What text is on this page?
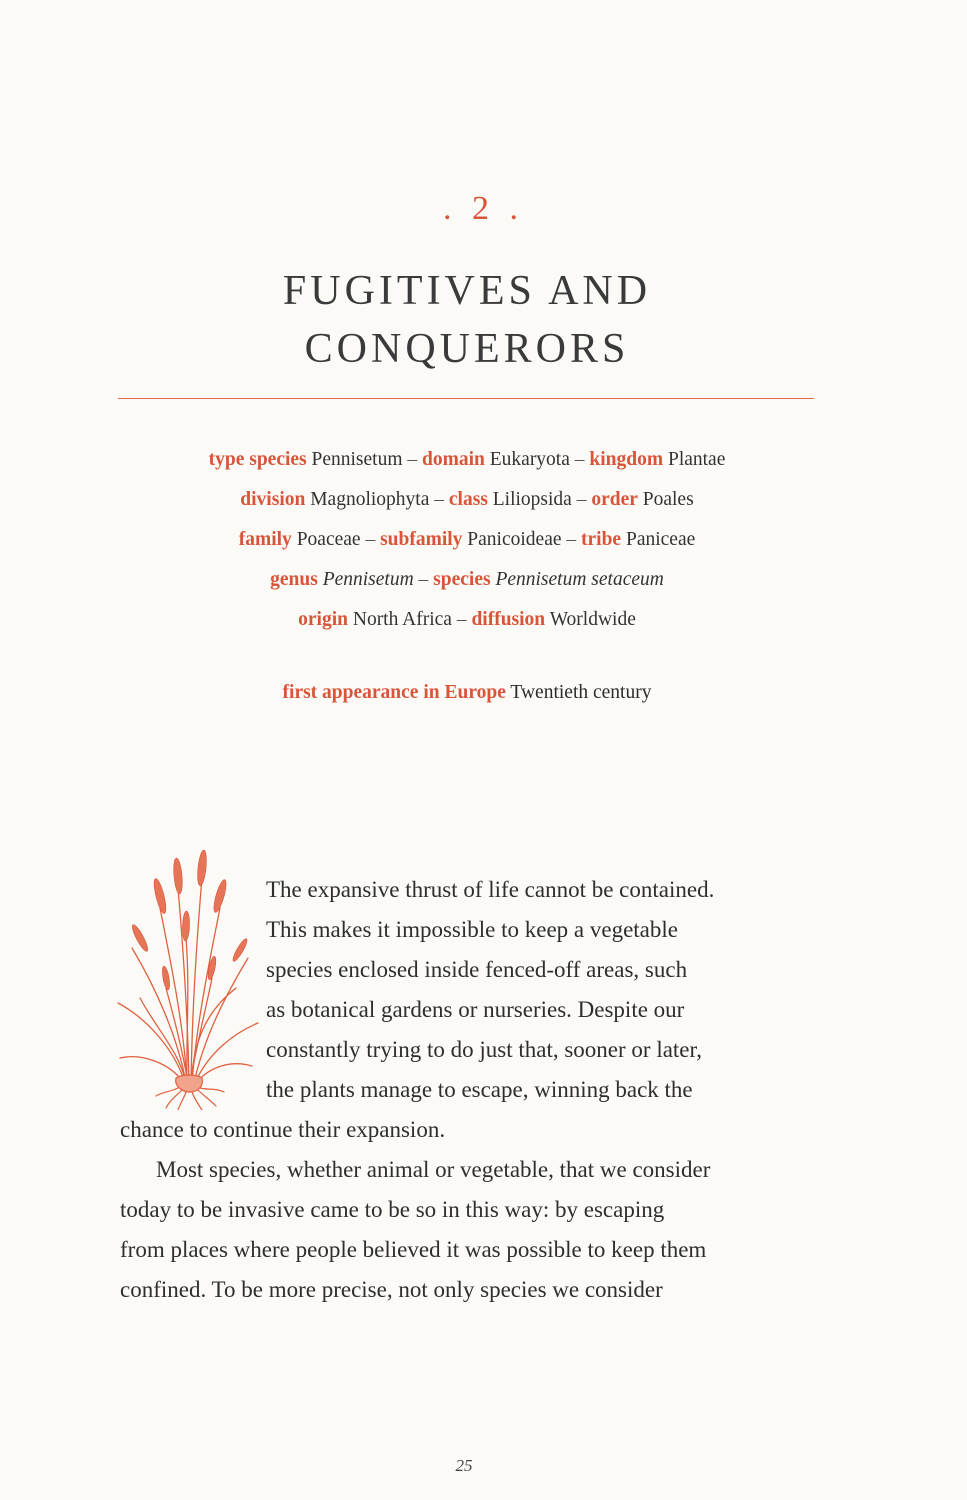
. 2 .
FUGITIVES AND
CONQUERORS
type species Pennisetum – domain Eukaryota – kingdom Plantae
division Magnoliophyta – class Liliopsida – order Poales
family Poaceae – subfamily Panicoideae – tribe Paniceae
genus Pennisetum – species Pennisetum setaceum
origin North Africa – diffusion Worldwide
first appearance in Europe Twentieth century

The expansive thrust of life cannot be contained.

This makes it impossible to keep a vegetable

species enclosed inside fenced-off areas, such

as botanical gardens or nurseries. Despite our

constantly trying to do just that, sooner or later,

the plants manage to escape, winning back the

chance to continue their expansion.

Most species, whether animal or vegetable, that we consider

today to be invasive came to be so in this way: by escaping

from places where people believed it was possible to keep them

confined. To be more precise, not only species we consider

25
